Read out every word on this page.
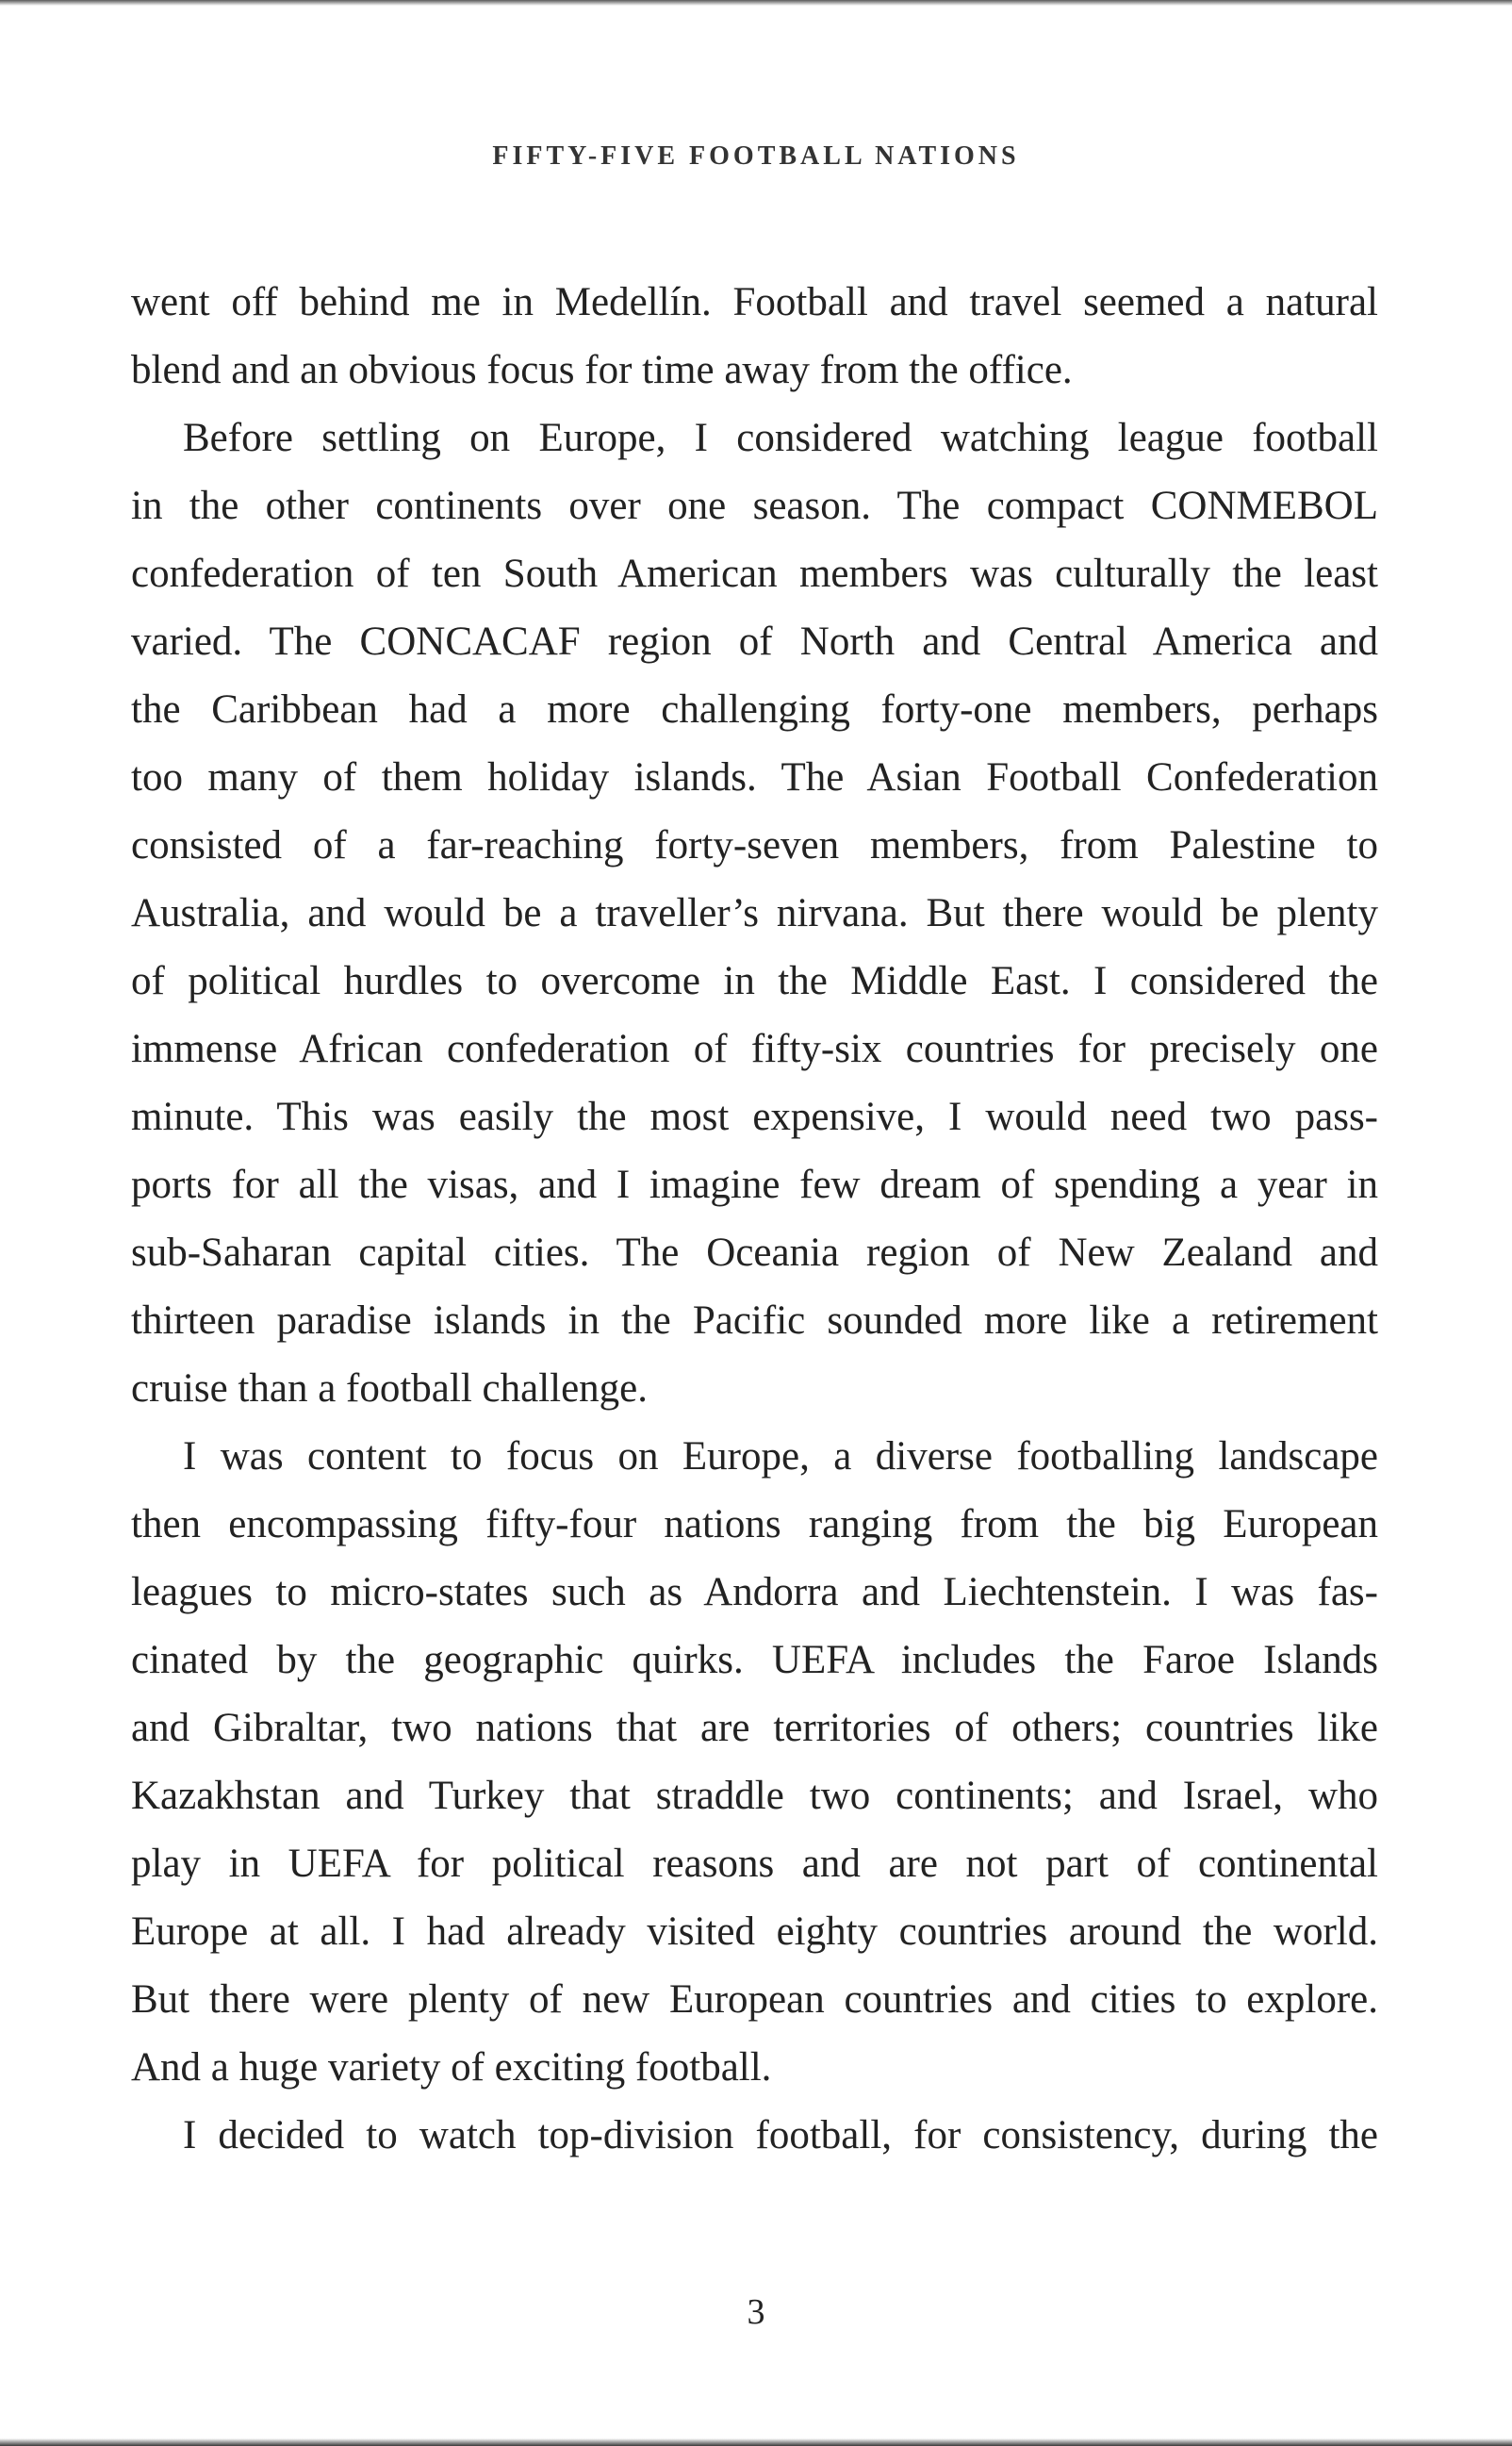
FIFTY-FIVE FOOTBALL NATIONS
went off behind me in Medellín. Football and travel seemed a natural
blend and an obvious focus for time away from the office.
Before settling on Europe, I considered watching league football
in the other continents over one season. The compact CONMEBOL
confederation of ten South American members was culturally the least
varied. The CONCACAF region of North and Central America and
the Caribbean had a more challenging forty-one members, perhaps
too many of them holiday islands. The Asian Football Confederation
consisted of a far-reaching forty-seven members, from Palestine to
Australia, and would be a traveller’s nirvana. But there would be plenty
of political hurdles to overcome in the Middle East. I considered the
immense African confederation of fifty-six countries for precisely one
minute. This was easily the most expensive, I would need two pass-
ports for all the visas, and I imagine few dream of spending a year in
sub-Saharan capital cities. The Oceania region of New Zealand and
thirteen paradise islands in the Pacific sounded more like a retirement
cruise than a football challenge.
I was content to focus on Europe, a diverse footballing landscape
then encompassing fifty-four nations ranging from the big European
leagues to micro-states such as Andorra and Liechtenstein. I was fas-
cinated by the geographic quirks. UEFA includes the Faroe Islands
and Gibraltar, two nations that are territories of others; countries like
Kazakhstan and Turkey that straddle two continents; and Israel, who
play in UEFA for political reasons and are not part of continental
Europe at all. I had already visited eighty countries around the world.
But there were plenty of new European countries and cities to explore.
And a huge variety of exciting football.
I decided to watch top-division football, for consistency, during the
3
